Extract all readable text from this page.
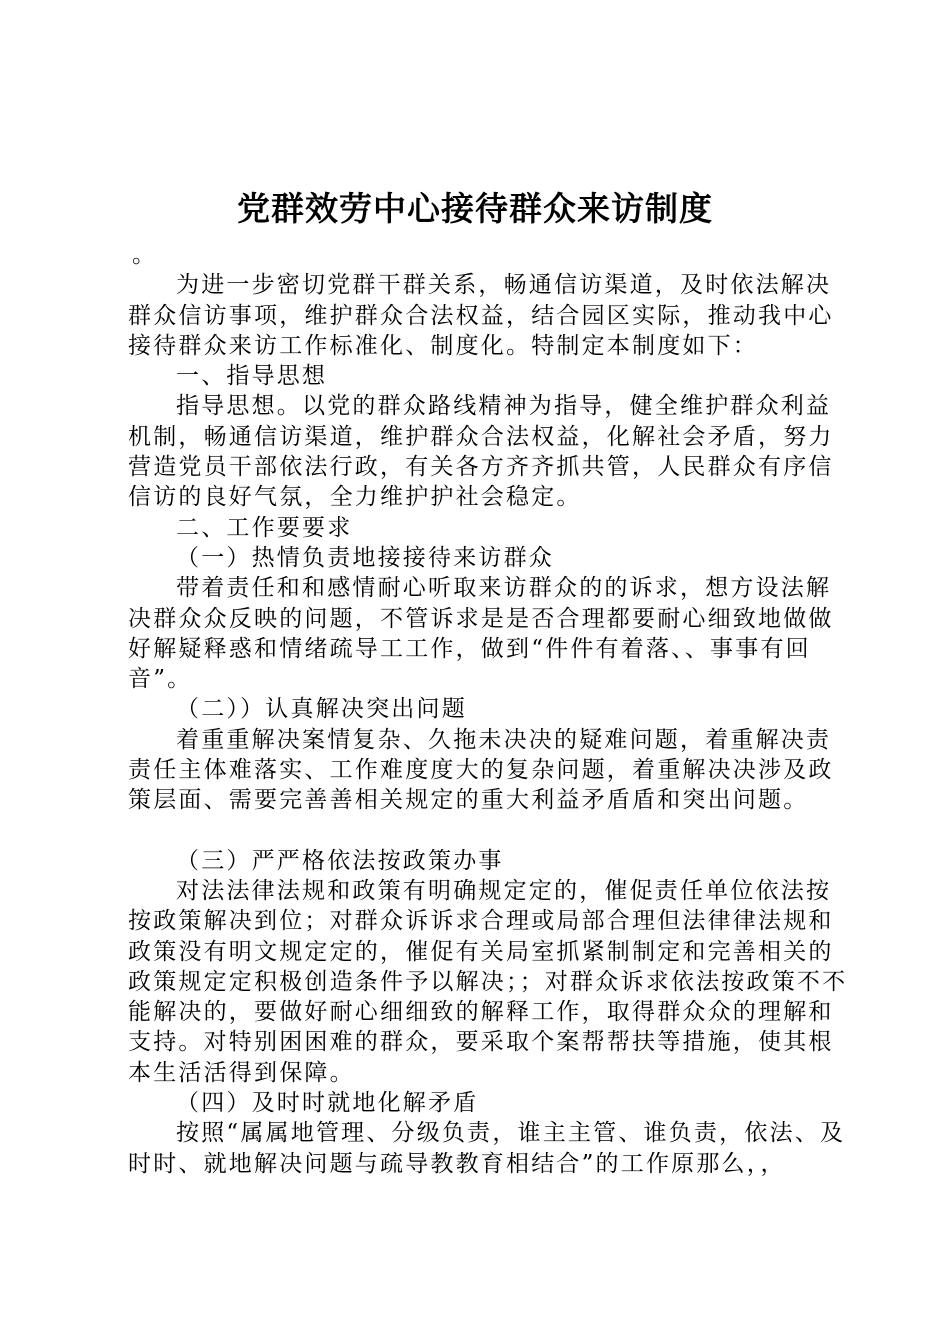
党群效劳中心接待群众来访制度

。

为进一步密切党群干群关系，畅通信访渠道，及时依法解决群众信访事项，维护群众合法权益，结合园区实际，推动我中心接待群众来访工作标准化、制度化。特制定本制度如下：

一、指导思想

指导思想。以党的群众路线精神为指导，健全维护群众利益机制，畅通信访渠道，维护群众合法权益，化解社会矛盾，努力营造党员干部依法行政，有关各方齐齐抓共管，人民群众有序信信访的良好气氛，全力维护护社会稳定。

二、工作要要求

（一）热情负责地接接待来访群众

带着责任和和感情耐心听取来访群众的的诉求，想方设法解决群众众反映的问题，不管诉求是是否合理都要耐心细致地做做好解疑释惑和情绪疏导工工作，做到“件件有着落、、事事有回音”。

（二））认真解决突出问题

着重重解决案情复杂、久拖未决决的疑难问题，着重解决责责任主体难落实、工作难度度大的复杂问题，着重解决决涉及政策层面、需要完善善相关规定的重大利益矛盾盾和突出问题。

（三）严严格依法按政策办事

对法法律法规和政策有明确规定定的，催促责任单位依法按按政策解决到位；对群众诉诉求合理或局部合理但法律律法规和政策没有明文规定定的，催促有关局室抓紧制制定和完善相关的政策规定定积极创造条件予以解决；；对群众诉求依法按政策不不能解决的，要做好耐心细细致的解释工作，取得群众众的理解和支持。对特别困困难的群众，要采取个案帮帮扶等措施，使其根本生活活得到保障。

（四）及时时就地化解矛盾

按照“属属地管理、分级负责，谁主主管、谁负责，依法、及时时、就地解决问题与疏导教教育相结合”的工作原那么，，
